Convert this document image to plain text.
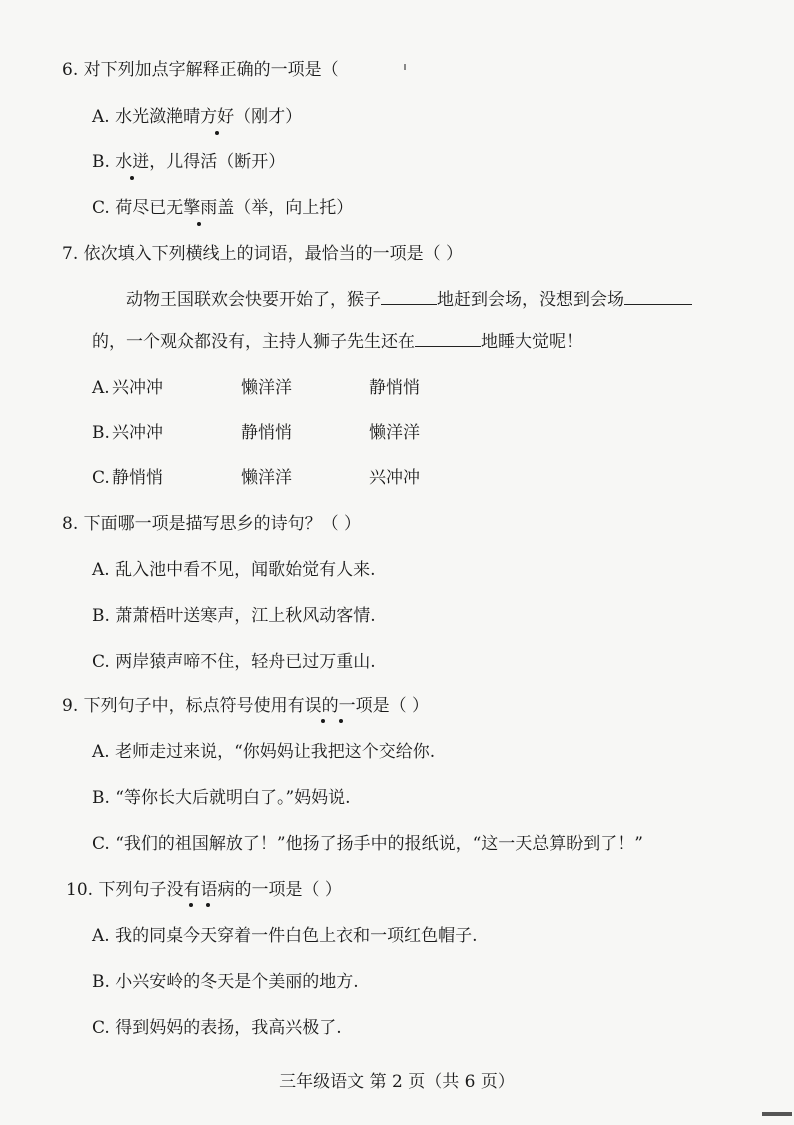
6. 对下列加点字解释正确的一项是（
A. 水光潋滟晴方好（刚才）
B. 水迸，儿得活（断开）
C. 荷尽已无擎雨盖（举，向上托）
7. 依次填入下列横线上的词语，最恰当的一项是（ ）
动物王国联欢会快要开始了，猴子	地赶到会场，没想到会场
的，一个观众都没有，主持人狮子先生还在	地睡大觉呢！
A. 兴冲冲	懒洋洋	静悄悄
B. 兴冲冲	静悄悄	懒洋洋
C. 静悄悄	懒洋洋	兴冲冲
8. 下面哪一项是描写思乡的诗句？（ ）
A. 乱入池中看不见，闻歌始觉有人来.
B. 萧萧梧叶送寒声，江上秋风动客情.
C. 两岸猿声啼不住，轻舟已过万重山.
9. 下列句子中，标点符号使用有误的一项是（ ）
A. 老师走过来说，“你妈妈让我把这个交给你.
B. “等你长大后就明白了。”妈妈说.
C. “我们的祖国解放了！”他扬了扬手中的报纸说，“这一天总算盼到了！”
10. 下列句子没有语病的一项是（ ）
A. 我的同桌今天穿着一件白色上衣和一项红色帽子.
B. 小兴安岭的冬天是个美丽的地方.
C. 得到妈妈的表扬，我高兴极了.
三年级语文 第 2 页（共 6 页）
